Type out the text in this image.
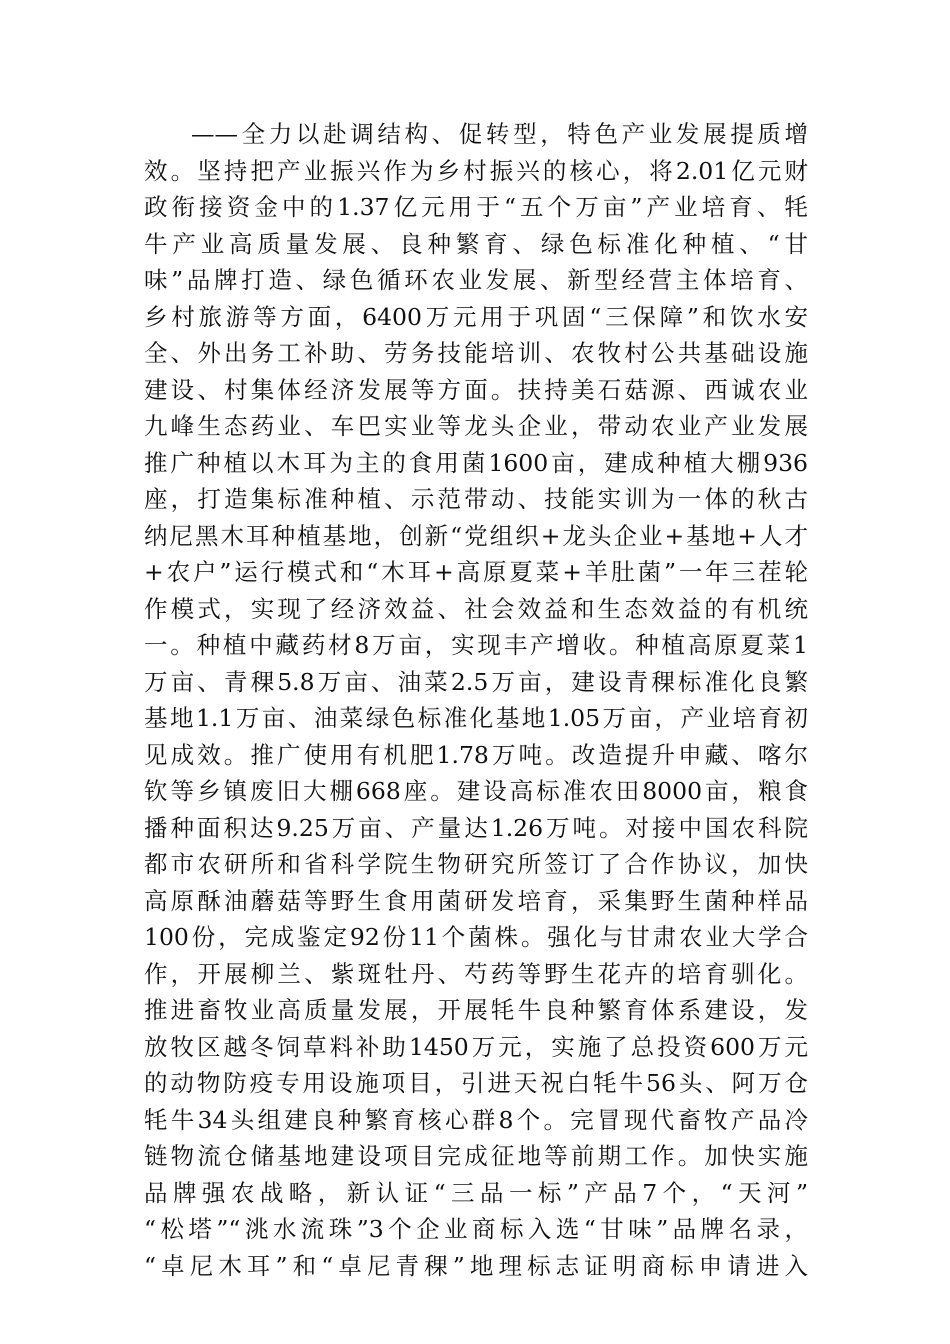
——全力以赴调结构、促转型，特色产业发展提质增
效。坚持把产业振兴作为乡村振兴的核心，将2.01亿元财
政衔接资金中的1.37亿元用于“五个万亩”产业培育、牦
牛产业高质量发展、良种繁育、绿色标准化种植、“甘
味”品牌打造、绿色循环农业发展、新型经营主体培育、
乡村旅游等方面，6400万元用于巩固“三保障”和饮水安
全、外出务工补助、劳务技能培训、农牧村公共基础设施
建设、村集体经济发展等方面。扶持美石菇源、西诚农业
九峰生态药业、车巴实业等龙头企业，带动农业产业发展
推广种植以木耳为主的食用菌1600亩，建成种植大棚936
座，打造集标准种植、示范带动、技能实训为一体的秋古
纳尼黑木耳种植基地，创新“党组织+龙头企业+基地+人才
+农户”运行模式和“木耳+高原夏菜+羊肚菌”一年三茬轮
作模式，实现了经济效益、社会效益和生态效益的有机统
一。种植中藏药材8万亩，实现丰产增收。种植高原夏菜1
万亩、青稞5.8万亩、油菜2.5万亩，建设青稞标准化良繁
基地1.1万亩、油菜绿色标准化基地1.05万亩，产业培育初
见成效。推广使用有机肥1.78万吨。改造提升申藏、喀尔
钦等乡镇废旧大棚668座。建设高标准农田8000亩，粮食
播种面积达9.25万亩、产量达1.26万吨。对接中国农科院
都市农研所和省科学院生物研究所签订了合作协议，加快
高原酥油蘑菇等野生食用菌研发培育，采集野生菌种样品
100份，完成鉴定92份11个菌株。强化与甘肃农业大学合
作，开展柳兰、紫斑牡丹、芍药等野生花卉的培育驯化。
推进畜牧业高质量发展，开展牦牛良种繁育体系建设，发
放牧区越冬饲草料补助1450万元，实施了总投资600万元
的动物防疫专用设施项目，引进天祝白牦牛56头、阿万仓
牦牛34头组建良种繁育核心群8个。完冒现代畜牧产品冷
链物流仓储基地建设项目完成征地等前期工作。加快实施
品牌强农战略，新认证“三品一标”产品7个，“天河”
“松塔”“洮水流珠”3个企业商标入选“甘味”品牌名录，
“卓尼木耳”和“卓尼青稞”地理标志证明商标申请进入
